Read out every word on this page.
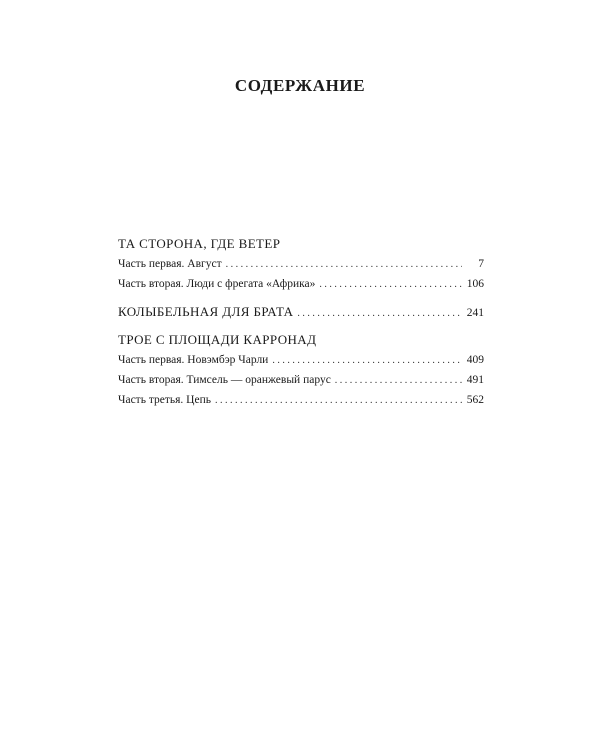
СОДЕРЖАНИЕ
ТА СТОРОНА, ГДЕ ВЕТЕР
Часть первая. Август . . .	7
Часть вторая. Люди с фрегата «Африка» . . .	106
КОЛЫБЕЛЬНАЯ ДЛЯ БРАТА . . .	241
ТРОЕ С ПЛОЩАДИ КАРРОНАД
Часть первая. Новэмбэр Чарли . . .	409
Часть вторая. Тимсель — оранжевый парус . . .	491
Часть третья. Цепь . . .	562
